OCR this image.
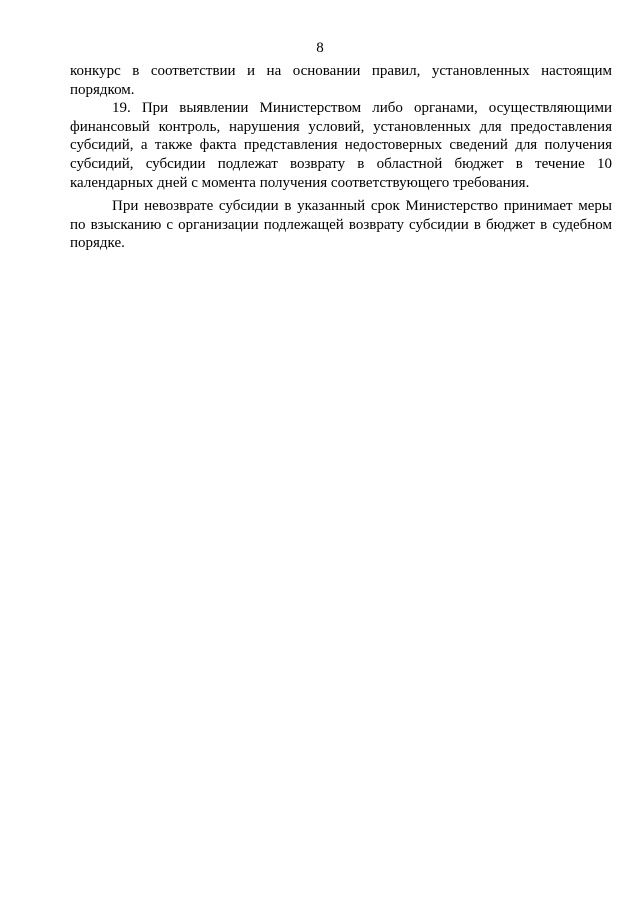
8

конкурс в соответствии и на основании правил, установленных настоящим порядком.

19. При выявлении Министерством либо органами, осуществляющими финансовый контроль, нарушения условий, установленных для предоставления субсидий, а также факта представления недостоверных сведений для получения субсидий, субсидии подлежат возврату в областной бюджет в течение 10 календарных дней с момента получения соответствующего требования.

При невозврате субсидии в указанный срок Министерство принимает меры по взысканию с организации подлежащей возврату субсидии в бюджет в судебном порядке.
